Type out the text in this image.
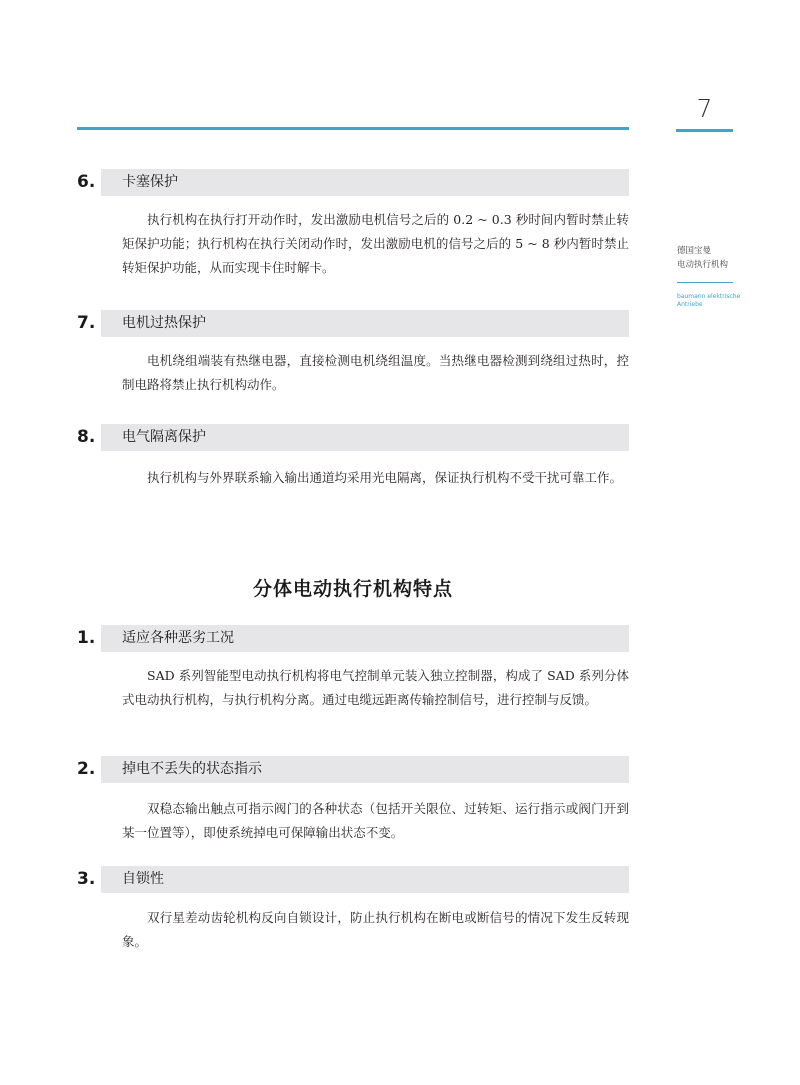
7
德国宝曼
电动执行机构
baumann elektrische Antriebe
6. 卡塞保护

执行机构在执行打开动作时，发出激励电机信号之后的 0.2 ~ 0.3 秒时间内暂时禁止转矩保护功能；执行机构在执行关闭动作时，发出激励电机的信号之后的 5 ~ 8 秒内暂时禁止转矩保护功能，从而实现卡住时解卡。

7. 电机过热保护

电机绕组端装有热继电器，直接检测电机绕组温度。当热继电器检测到绕组过热时，控制电路将禁止执行机构动作。

8. 电气隔离保护

执行机构与外界联系输入输出通道均采用光电隔离，保证执行机构不受干扰可靠工作。

分体电动执行机构特点
1. 适应各种恶劣工况

SAD 系列智能型电动执行机构将电气控制单元装入独立控制器，构成了 SAD 系列分体式电动执行机构，与执行机构分离。通过电缆远距离传输控制信号，进行控制与反馈。

2. 掉电不丢失的状态指示

双稳态输出触点可指示阀门的各种状态（包括开关限位、过转矩、运行指示或阀门开到某一位置等），即使系统掉电可保障输出状态不变。

3. 自锁性

双行星差动齿轮机构反向自锁设计，防止执行机构在断电或断信号的情况下发生反转现象。
